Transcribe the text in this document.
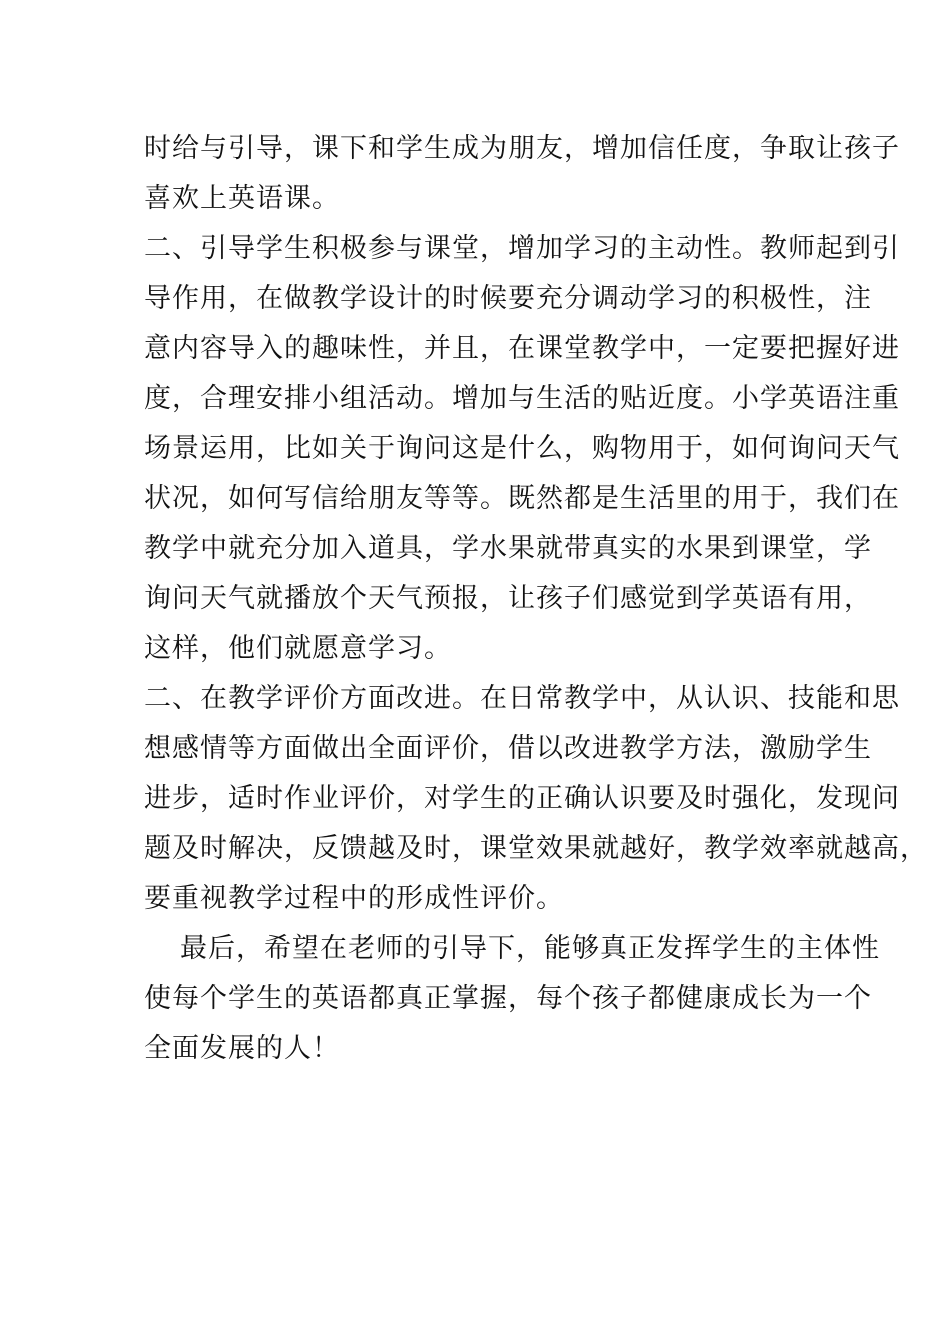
时给与引导，课下和学生成为朋友，增加信任度，争取让孩子
喜欢上英语课。
二、引导学生积极参与课堂，增加学习的主动性。教师起到引
导作用，在做教学设计的时候要充分调动学习的积极性，注
意内容导入的趣味性，并且，在课堂教学中，一定要把握好进
度，合理安排小组活动。增加与生活的贴近度。小学英语注重
场景运用，比如关于询问这是什么，购物用于，如何询问天气
状况，如何写信给朋友等等。既然都是生活里的用于，我们在
教学中就充分加入道具，学水果就带真实的水果到课堂，学
询问天气就播放个天气预报，让孩子们感觉到学英语有用，
这样，他们就愿意学习。
二、在教学评价方面改进。在日常教学中，从认识、技能和思
想感情等方面做出全面评价，借以改进教学方法，激励学生
进步，适时作业评价，对学生的正确认识要及时强化，发现问
题及时解决，反馈越及时，课堂效果就越好，教学效率就越高，
要重视教学过程中的形成性评价。
最后，希望在老师的引导下，能够真正发挥学生的主体性
使每个学生的英语都真正掌握，每个孩子都健康成长为一个
全面发展的人！
